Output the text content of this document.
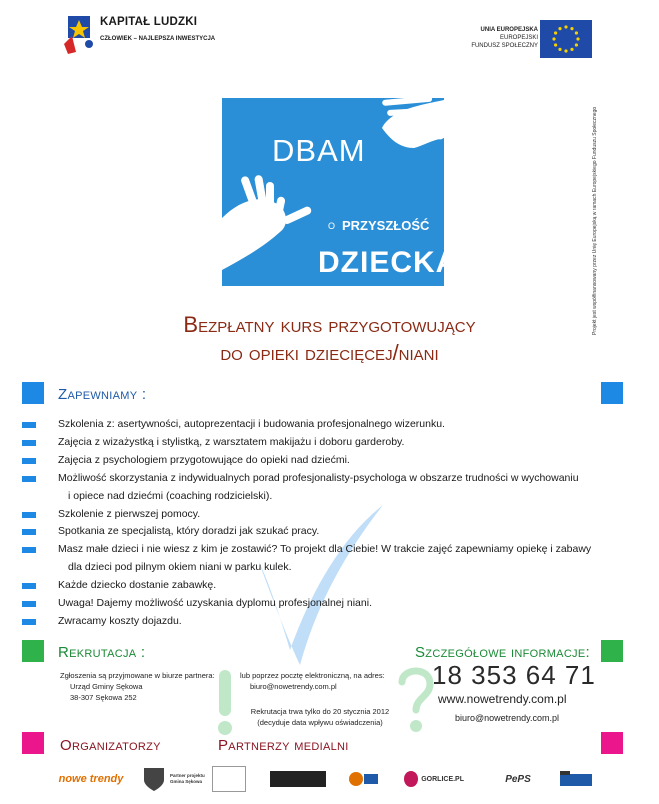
KAPITAŁ LUDZKI
CZŁOWIEK – NAJLEPSZA INWESTYCJA
UNIA EUROPEJSKA
EUROPEJSKI
FUNDUSZ SPOŁECZNY
Projekt jest współfinansowany przez Unię Europejską w ramach Europejskiego Funduszu Społecznego
DBAM
O PRZYSZŁOŚĆ
DZIECKA
Bezpłatny kurs przygotowujący
do opieki dziecięcej/niani
Zapewniamy :
Szkolenia z: asertywności, autoprezentacji i budowania profesjonalnego wizerunku.
Zajęcia z wizażystką i stylistką, z warsztatem makijażu i doboru garderoby.
Zajęcia z psychologiem przygotowujące do opieki nad dziećmi.
Możliwość skorzystania z indywidualnych porad profesjonalisty-psychologa w obszarze trudności w wychowaniu
i opiece nad dziećmi (coaching rodzicielski).
Szkolenie z pierwszej pomocy.
Spotkania ze specjalistą, który doradzi jak szukać pracy.
Masz małe dzieci i nie wiesz z kim je zostawić? To projekt dla Ciebie! W trakcie zajęć zapewniamy opiekę i zabawy
dla dzieci pod pilnym okiem niani w parku kulek.
Każde dziecko dostanie zabawkę.
Uwaga! Dajemy możliwość uzyskania dyplomu profesjonalnej niani.
Zwracamy koszty dojazdu.
Rekrutacja :	Szczegółowe informacje:
Zgłoszenia są przyjmowane w biurze partnera:
Urząd Gminy Sękowa
38-307 Sękowa 252
lub poprzez pocztę elektroniczną, na adres:
biuro@nowetrendy.com.pl
Rekrutacja trwa tylko do 20 stycznia 2012
(decyduje data wpływu oświadczenia)
18 353 64 71
www.nowetrendy.com.pl
biuro@nowetrendy.com.pl
Organizatorzy	Partnerzy medialni
nowe trendy	Partner projektu Gmina Sękowa	GORLICE.PL	PePS
